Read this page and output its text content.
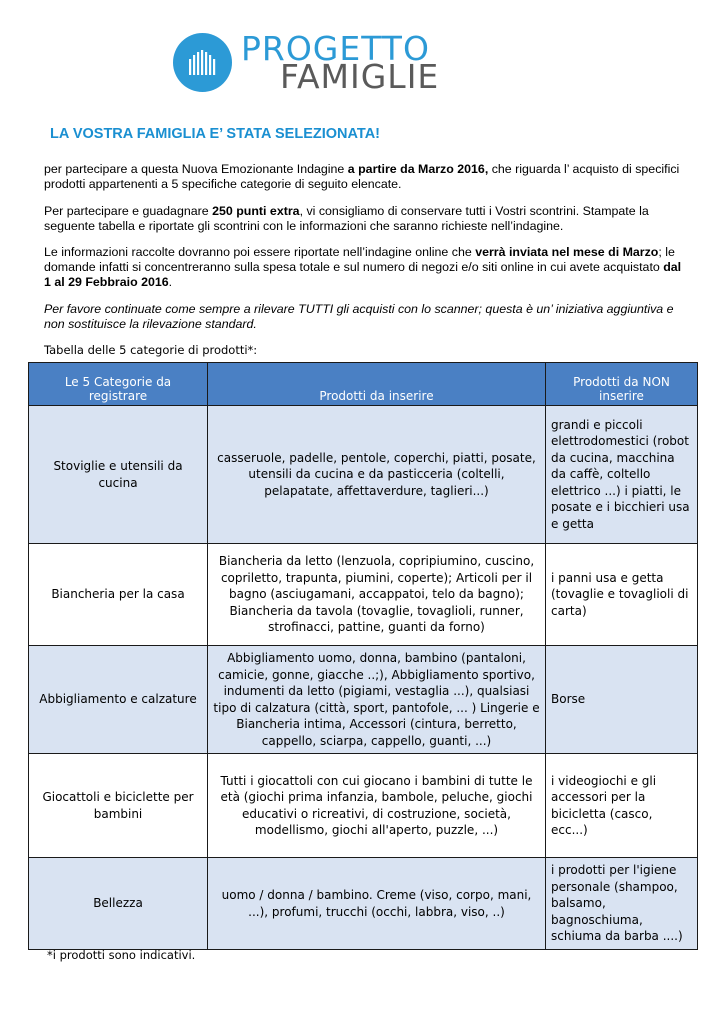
PROGETTO
FAMIGLIE
LA VOSTRA FAMIGLIA E’ STATA SELEZIONATA!
per partecipare a questa Nuova Emozionante Indagine a partire da Marzo 2016, che riguarda l’ acquisto di specifici prodotti appartenenti a 5 specifiche categorie di seguito elencate.
Per partecipare e guadagnare 250 punti extra, vi consigliamo di conservare tutti i Vostri scontrini. Stampate la seguente tabella e riportate gli scontrini con le informazioni che saranno richieste nell’indagine.
Le informazioni raccolte dovranno poi essere riportate nell’indagine online che verrà inviata nel mese di Marzo; le domande infatti si concentreranno sulla spesa totale e sul numero di negozi e/o siti online in cui avete acquistato dal 1 al 29 Febbraio 2016.
Per favore continuate come sempre a rilevare TUTTI gli acquisti con lo scanner; questa è un’ iniziativa aggiuntiva e non sostituisce la rilevazione standard.
Tabella delle 5 categorie di prodotti*:
Le 5 Categorie da registrare	Prodotti da inserire	Prodotti da NON inserire
Stoviglie e utensili da cucina	casseruole, padelle, pentole, coperchi, piatti, posate, utensili da cucina e da pasticceria (coltelli, pelapatate, affettaverdure, taglieri...)	grandi e piccoli elettrodomestici (robot da cucina, macchina da caffè, coltello elettrico ...) i piatti, le posate e i bicchieri usa e getta
Biancheria per la casa	Biancheria da letto (lenzuola, copripiumino, cuscino, copriletto, trapunta, piumini, coperte); Articoli per il bagno (asciugamani, accappatoi, telo da bagno); Biancheria da tavola (tovaglie, tovaglioli, runner, strofinacci, pattine, guanti da forno)	i panni usa e getta (tovaglie e tovaglioli di carta)
Abbigliamento e calzature	Abbigliamento uomo, donna, bambino (pantaloni, camicie, gonne, giacche ..;), Abbigliamento sportivo, indumenti da letto (pigiami, vestaglia ...), qualsiasi tipo di calzatura (città, sport, pantofole, ... ) Lingerie e Biancheria intima, Accessori (cintura, berretto, cappello, sciarpa, cappello, guanti, ...)	Borse
Giocattoli e biciclette per bambini	Tutti i giocattoli con cui giocano i bambini di tutte le età (giochi prima infanzia, bambole, peluche, giochi educativi o ricreativi, di costruzione, società, modellismo, giochi all'aperto, puzzle, ...)	i videogiochi e gli accessori per la bicicletta (casco, ecc...)
Bellezza	uomo / donna / bambino. Creme (viso, corpo, mani, ...), profumi, trucchi (occhi, labbra, viso, ..)	i prodotti per l'igiene personale (shampoo, balsamo, bagnoschiuma, schiuma da barba ....)
*i prodotti sono indicativi.
